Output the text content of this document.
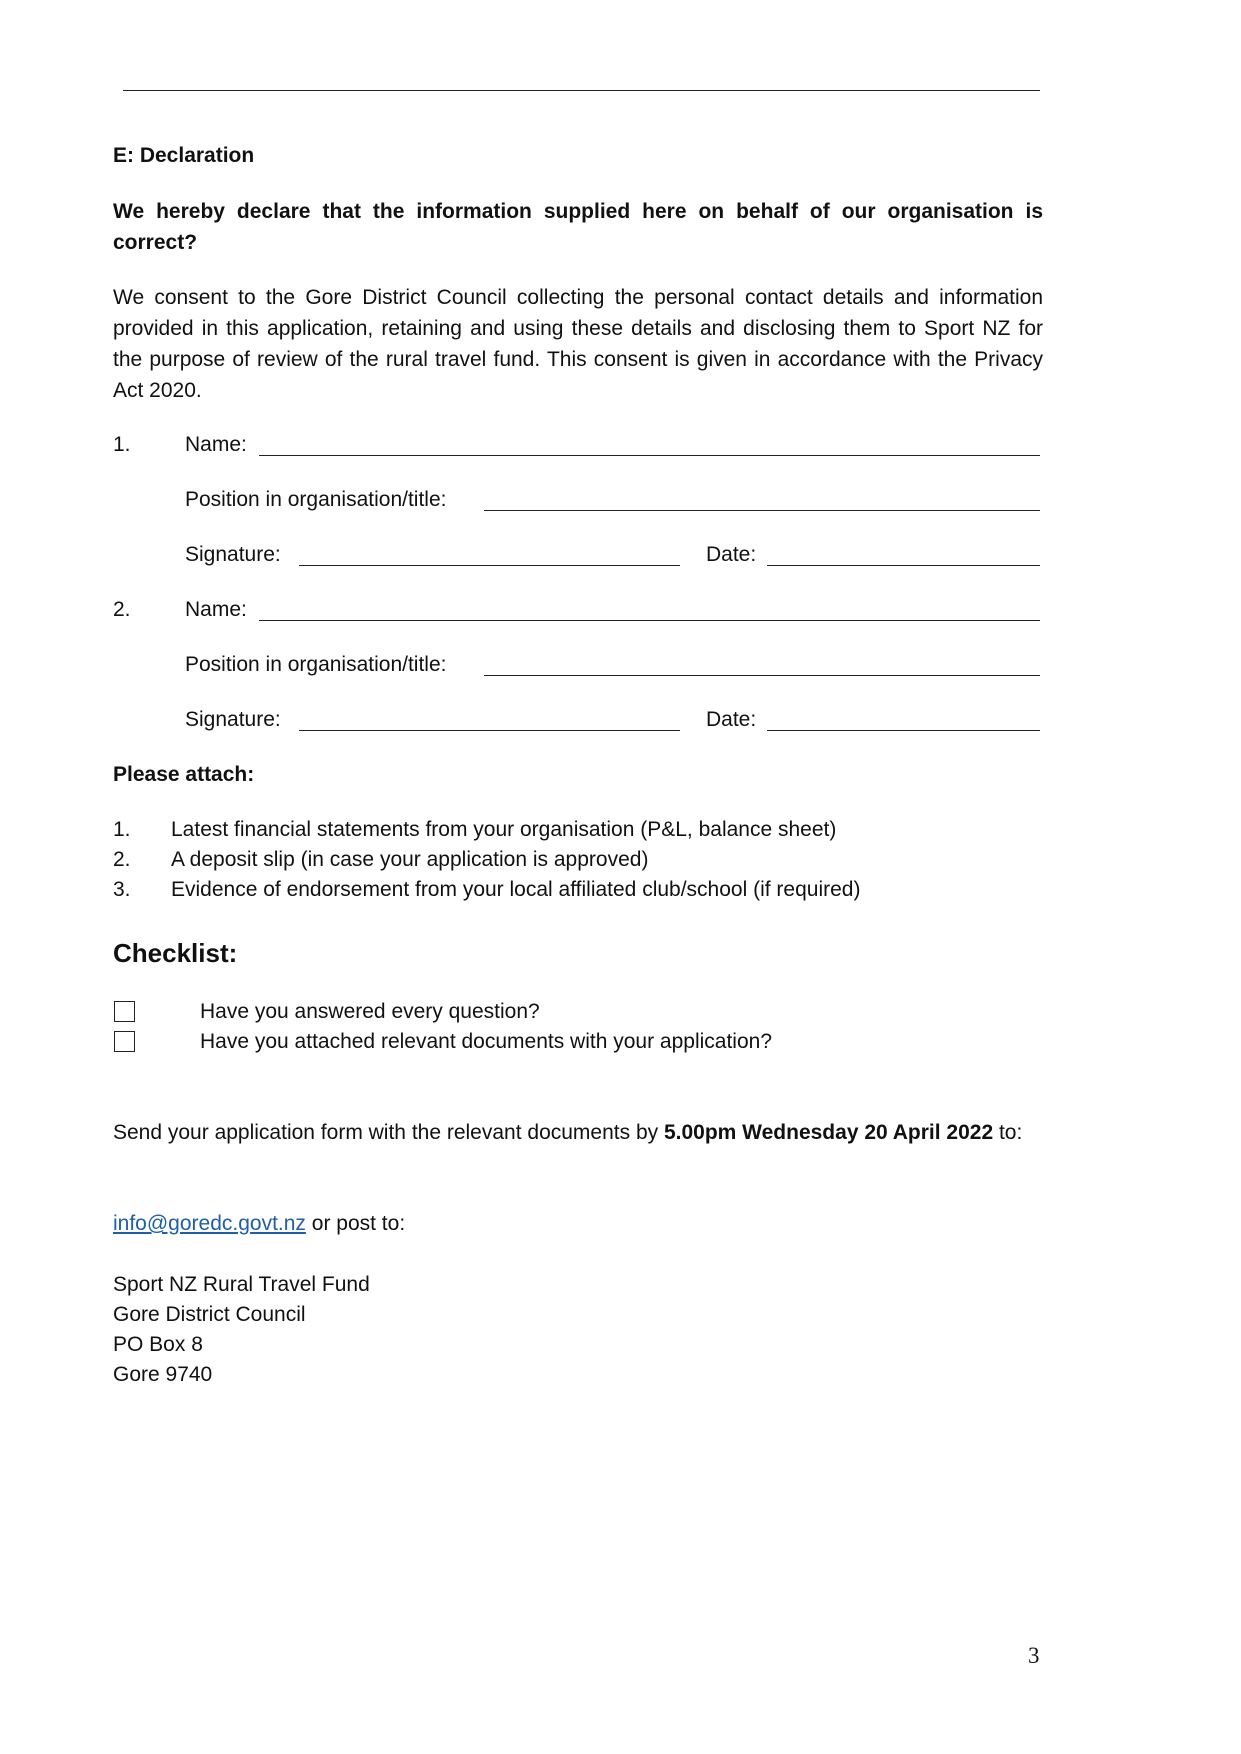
E: Declaration
We hereby declare that the information supplied here on behalf of our organisation is correct?
We consent to the Gore District Council collecting the personal contact details and information provided in this application, retaining and using these details and disclosing them to Sport NZ for the purpose of review of the rural travel fund. This consent is given in accordance with the Privacy Act 2020.
1.	Name:
Position in organisation/title:
Signature:	Date:
2.	Name:
Position in organisation/title:
Signature:	Date:
Please attach:
1. Latest financial statements from your organisation (P&L, balance sheet)
2. A deposit slip (in case your application is approved)
3. Evidence of endorsement from your local affiliated club/school (if required)
Checklist:
Have you answered every question?
Have you attached relevant documents with your application?
Send your application form with the relevant documents by 5.00pm Wednesday 20 April 2022 to:
info@goredc.govt.nz or post to:
Sport NZ Rural Travel Fund
Gore District Council
PO Box 8
Gore 9740
3
